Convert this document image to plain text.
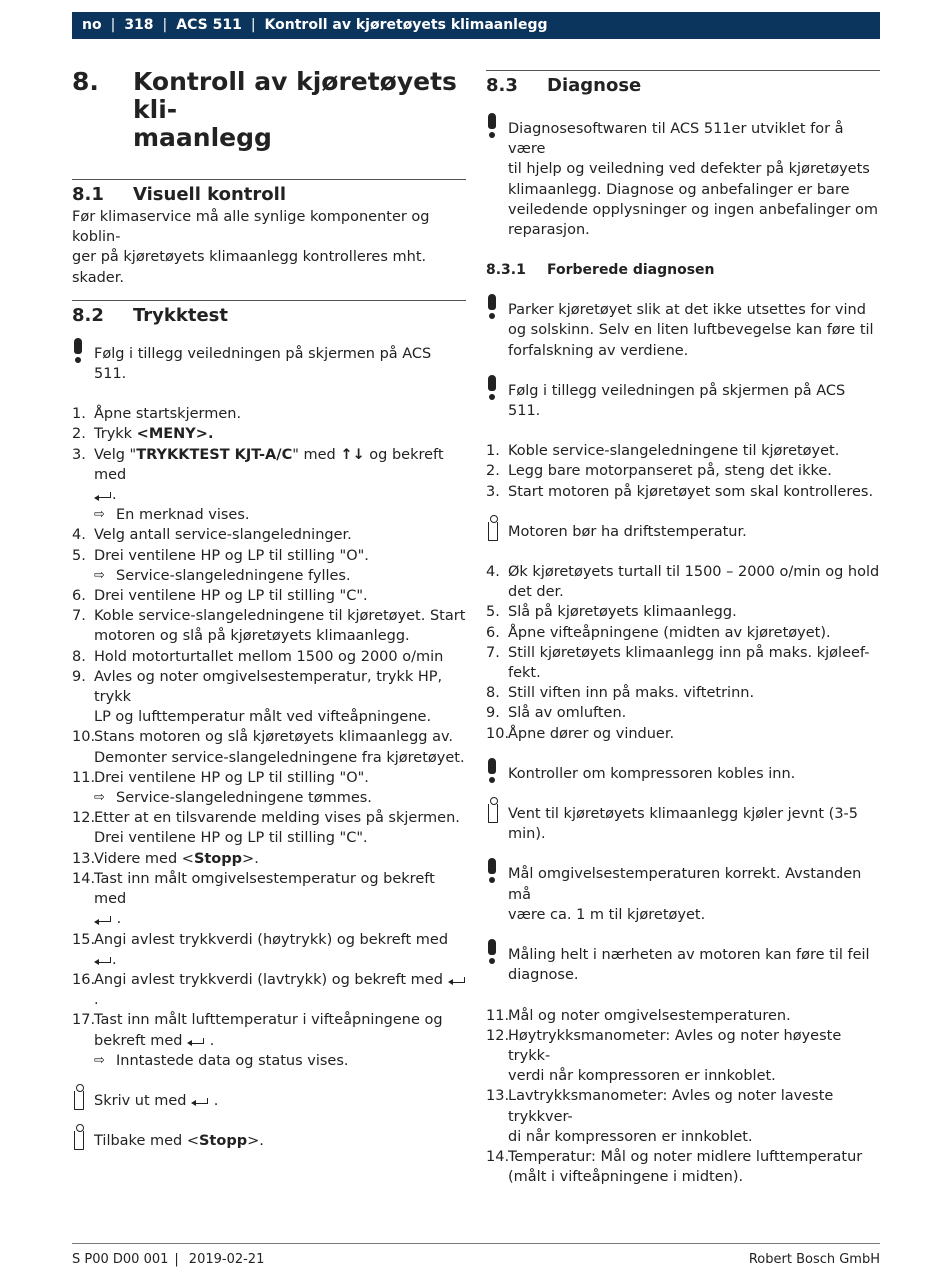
no | 318 | ACS 511 | Kontroll av kjøretøyets klimaanlegg
8.	Kontroll av kjøretøyets kli-
maanlegg
8.1	Visuell kontroll

Før klimaservice må alle synlige komponenter og koblin-
ger på kjøretøyets klimaanlegg kontrolleres mht. skader.

8.2	Trykktest
Følg i tillegg veiledningen på skjermen på ACS 511.
1. Åpne startskjermen.
2. Trykk <MENY>.
3. Velg "TRYKKTEST KJT-A/C" med ↑↓ og bekreft med

.
⇨ En merknad vises.
4. Velg antall service-slangeledninger.
5. Drei ventilene HP og LP til stilling "O".
⇨ Service-slangeledningene fylles.
6. Drei ventilene HP og LP til stilling "C".
7. Koble service-slangeledningene til kjøretøyet. Start
motoren og slå på kjøretøyets klimaanlegg.
8. Hold motorturtallet mellom 1500 og 2000 o/min
9. Avles og noter omgivelsestemperatur, trykk HP, trykk
LP og lufttemperatur målt ved vifteåpningene.
10.
Stans motoren og slå kjøretøyets klimaanlegg av.
Demonter service-slangeledningene fra kjøretøyet.
11.
Drei ventilene HP og LP til stilling "O".
⇨ Service-slangeledningene tømmes.
12.
Etter at en tilsvarende melding vises på skjermen.
Drei ventilene HP og LP til stilling "C".
13.
Videre med <Stopp>.
14.
Tast inn målt omgivelsestemperatur og bekreft med

.
15.
Angi avlest trykkverdi (høytrykk) og bekreft med
.
16.
Angi avlest trykkverdi (lavtrykk) og bekreft med
.
17.
Tast inn målt lufttemperatur i vifteåpningene og
bekreft med
.
⇨ Inntastede data og status vises.
Skriv ut med
.
Tilbake med <Stopp>.
8.3	Diagnose
Diagnosesoftwaren til ACS 511er utviklet for å være
til hjelp og veiledning ved defekter på kjøretøyets
klimaanlegg. Diagnose og anbefalinger er bare
veiledende opplysninger og ingen anbefalinger om
reparasjon.
8.3.1	Forberede diagnosen
Parker kjøretøyet slik at det ikke utsettes for vind
og solskinn. Selv en liten luftbevegelse kan føre til
forfalskning av verdiene.
Følg i tillegg veiledningen på skjermen på ACS 511.
1. Koble service-slangeledningene til kjøretøyet.
2. Legg bare motorpanseret på, steng det ikke.
3. Start motoren på kjøretøyet som skal kontrolleres.
Motoren bør ha driftstemperatur.
4. Øk kjøretøyets turtall til 1500 – 2000 o/min og hold
det der.
5. Slå på kjøretøyets klimaanlegg.
6. Åpne vifteåpningene (midten av kjøretøyet).
7. Still kjøretøyets klimaanlegg inn på maks. kjøleef-
fekt.
8. Still viften inn på maks. viftetrinn.
9. Slå av omluften.
10.
Åpne dører og vinduer.
Kontroller om kompressoren kobles inn.
Vent til kjøretøyets klimaanlegg kjøler jevnt (3-5
min).
Mål omgivelsestemperaturen korrekt. Avstanden må
være ca. 1 m til kjøretøyet.
Måling helt i nærheten av motoren kan føre til feil
diagnose.
11.
Mål og noter omgivelsestemperaturen.
12.
Høytrykksmanometer: Avles og noter høyeste trykk-
verdi når kompressoren er innkoblet.
13.
Lavtrykksmanometer: Avles og noter laveste trykkver-
di når kompressoren er innkoblet.
14.
Temperatur: Mål og noter midlere lufttemperatur
(målt i vifteåpningene i midten).
S P00 D00 001 | 2019-02-21	Robert Bosch GmbH
